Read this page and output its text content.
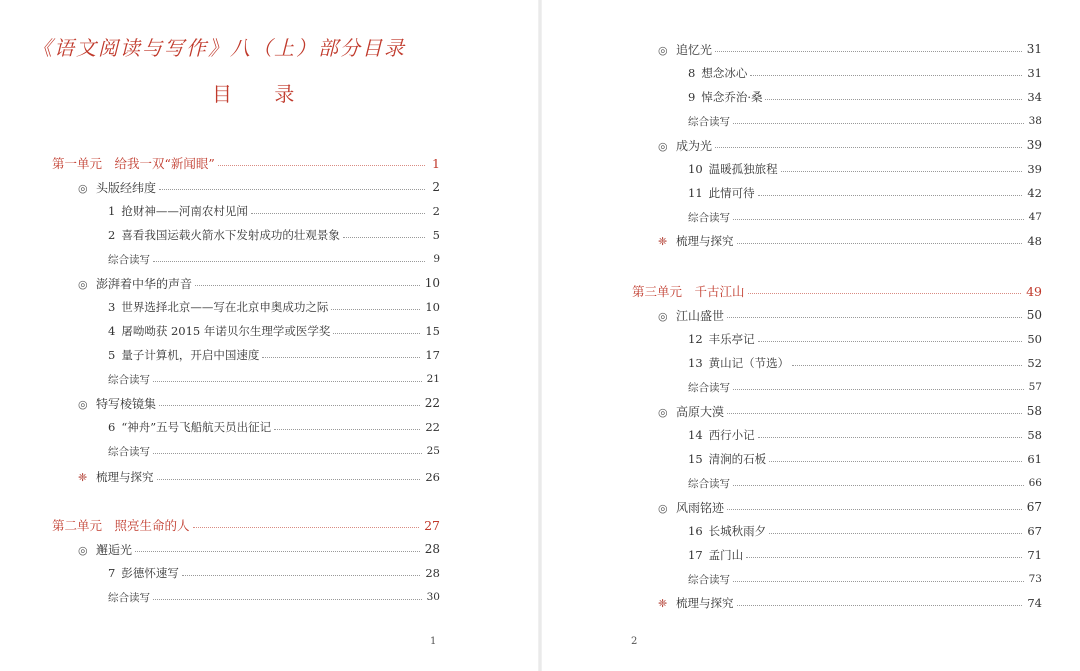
《语文阅读与写作》八（上）部分目录
目 录
第一单元　给我一双“新闻眼”	1
◎ 头版经纬度	2
1 抢财神——河南农村见闻	2
2 喜看我国运载火箭水下发射成功的壮观景象	5
综合读写	9
◎ 澎湃着中华的声音	10
3 世界选择北京——写在北京申奥成功之际	10
4 屠呦呦获 2015 年诺贝尔生理学或医学奖	15
5 量子计算机，开启中国速度	17
综合读写	21
◎ 特写棱镜集	22
6 “神舟”五号飞船航天员出征记	22
综合读写	25
❈ 梳理与探究	26
第二单元　照亮生命的人	27
◎ 邂逅光	28
7 彭德怀速写	28
综合读写	30
1
◎ 追忆光	31
8 想念冰心	31
9 悼念乔治·桑	34
综合读写	38
◎ 成为光	39
10 温暖孤独旅程	39
11 此情可待	42
综合读写	47
❈ 梳理与探究	48
第三单元　千古江山	49
◎ 江山盛世	50
12 丰乐亭记	50
13 黄山记（节选）	52
综合读写	57
◎ 高原大漠	58
14 西行小记	58
15 清涧的石板	61
综合读写	66
◎ 风雨铭迹	67
16 长城秋雨夕	67
17 孟门山	71
综合读写	73
❈ 梳理与探究	74
2
